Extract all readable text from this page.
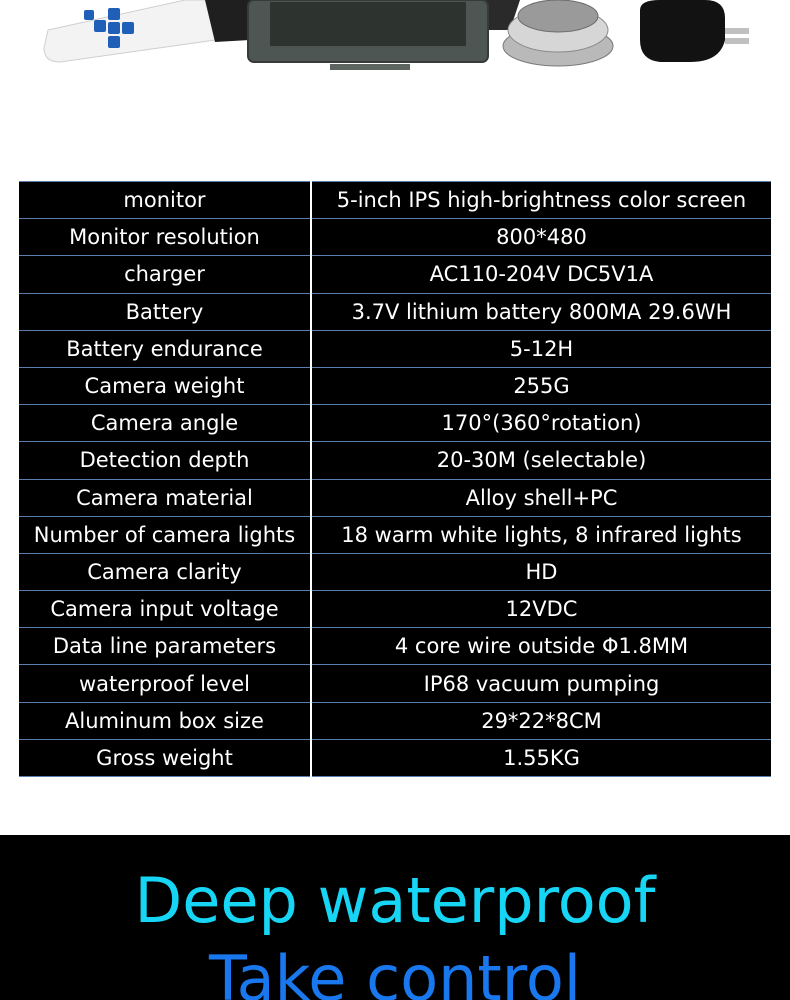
monitor	5-inch IPS high-brightness color screen
Monitor resolution	800*480
charger	AC110-204V DC5V1A
Battery	3.7V lithium battery 800MA 29.6WH
Battery endurance	5-12H
Camera weight	255G
Camera angle	170°(360°rotation)
Detection depth	20-30M (selectable)
Camera material	Alloy shell+PC
Number of camera lights	18 warm white lights, 8 infrared lights
Camera clarity	HD
Camera input voltage	12VDC
Data line parameters	4 core wire outside Φ1.8MM
waterproof level	IP68 vacuum pumping
Aluminum box size	29*22*8CM
Gross weight	1.55KG
Deep waterproof
Take control
